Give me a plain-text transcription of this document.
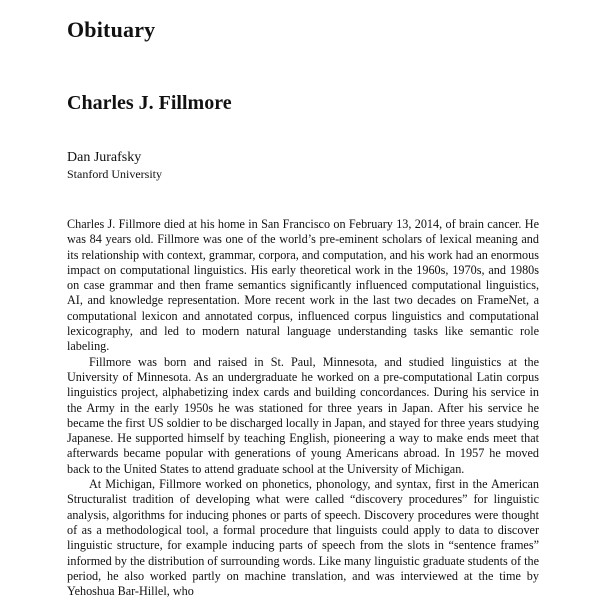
Obituary
Charles J. Fillmore
Dan Jurafsky
Stanford University

Charles J. Fillmore died at his home in San Francisco on February 13, 2014, of brain cancer. He was 84 years old. Fillmore was one of the world’s pre-eminent scholars of lexical meaning and its relationship with context, grammar, corpora, and computation, and his work had an enormous impact on computational linguistics. His early theoretical work in the 1960s, 1970s, and 1980s on case grammar and then frame semantics significantly influenced computational linguistics, AI, and knowledge representation. More recent work in the last two decades on FrameNet, a computational lexicon and annotated corpus, influenced corpus linguistics and computational lexicography, and led to modern natural language understanding tasks like semantic role labeling.

Fillmore was born and raised in St. Paul, Minnesota, and studied linguistics at the University of Minnesota. As an undergraduate he worked on a pre-computational Latin corpus linguistics project, alphabetizing index cards and building concordances. During his service in the Army in the early 1950s he was stationed for three years in Japan. After his service he became the first US soldier to be discharged locally in Japan, and stayed for three years studying Japanese. He supported himself by teaching English, pioneering a way to make ends meet that afterwards became popular with generations of young Americans abroad. In 1957 he moved back to the United States to attend graduate school at the University of Michigan.

At Michigan, Fillmore worked on phonetics, phonology, and syntax, first in the American Structuralist tradition of developing what were called “discovery procedures” for linguistic analysis, algorithms for inducing phones or parts of speech. Discovery procedures were thought of as a methodological tool, a formal procedure that linguists could apply to data to discover linguistic structure, for example inducing parts of speech from the slots in “sentence frames” informed by the distribution of surrounding words. Like many linguistic graduate students of the period, he also worked partly on machine translation, and was interviewed at the time by Yehoshua Bar-Hillel, who
